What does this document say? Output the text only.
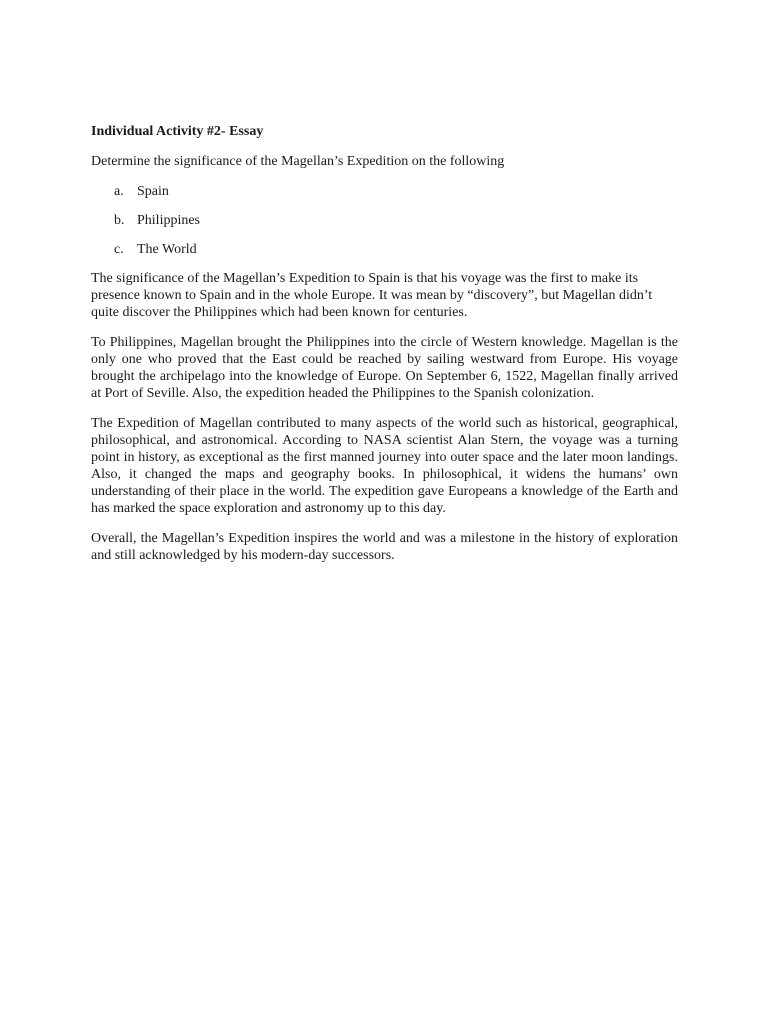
Individual Activity #2- Essay

Determine the significance of the Magellan’s Expedition on the following

a. Spain
b. Philippines
c. The World

The significance of the Magellan’s Expedition to Spain is that his voyage was the first to make its presence known to Spain and in the whole Europe. It was mean by “discovery”, but Magellan didn’t quite discover the Philippines which had been known for centuries.

To Philippines, Magellan brought the Philippines into the circle of Western knowledge. Magellan is the only one who proved that the East could be reached by sailing westward from Europe. His voyage brought the archipelago into the knowledge of Europe. On September 6, 1522, Magellan finally arrived at Port of Seville. Also, the expedition headed the Philippines to the Spanish colonization.

The Expedition of Magellan contributed to many aspects of the world such as historical, geographical, philosophical, and astronomical. According to NASA scientist Alan Stern, the voyage was a turning point in history, as exceptional as the first manned journey into outer space and the later moon landings. Also, it changed the maps and geography books. In philosophical, it widens the humans’ own understanding of their place in the world. The expedition gave Europeans a knowledge of the Earth and has marked the space exploration and astronomy up to this day.

Overall, the Magellan’s Expedition inspires the world and was a milestone in the history of exploration and still acknowledged by his modern-day successors.
